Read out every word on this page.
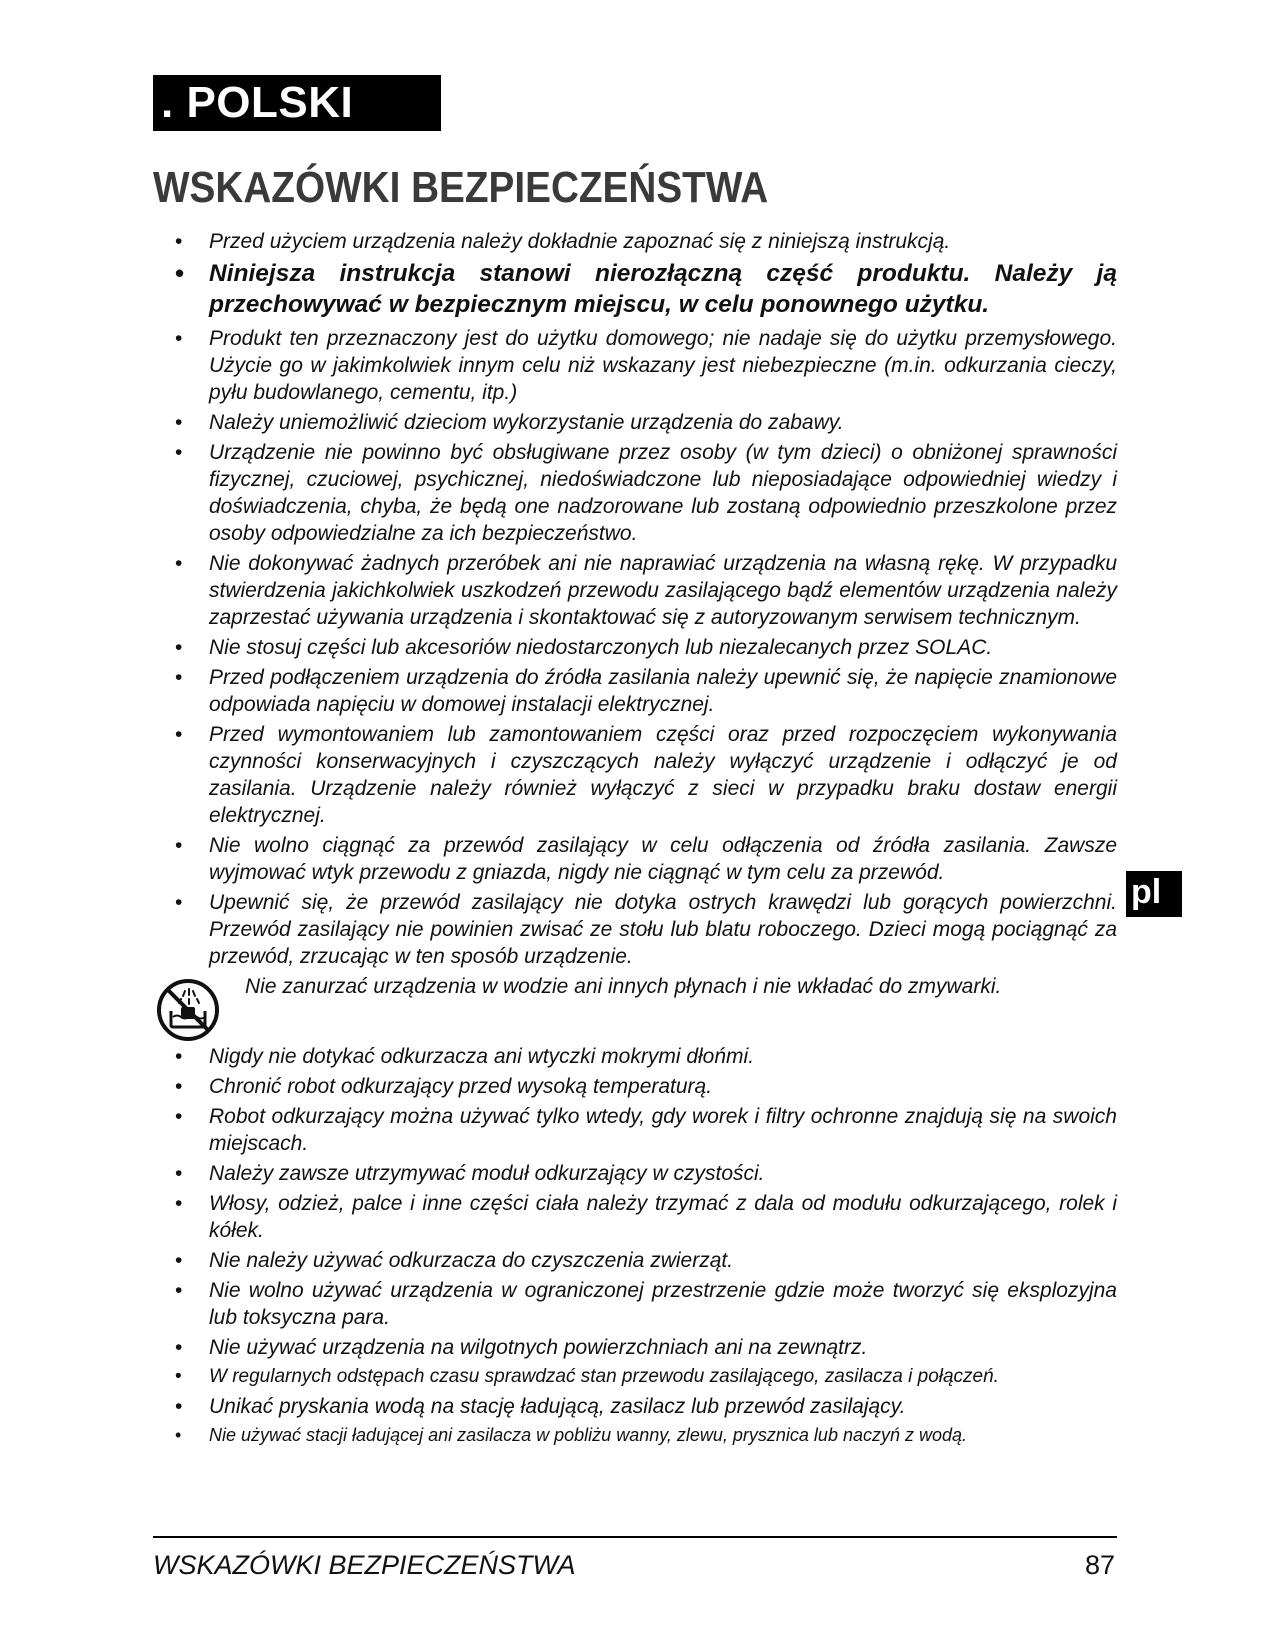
. POLSKI
WSKAZÓWKI BEZPIECZEŃSTWA
• Przed użyciem urządzenia należy dokładnie zapoznać się z niniejszą instrukcją.
• Niniejsza instrukcja stanowi nierozłączną część produktu. Należy ją przechowywać w bezpiecznym miejscu, w celu ponownego użytku.
• Produkt ten przeznaczony jest do użytku domowego; nie nadaje się do użytku przemysłowego. Użycie go w jakimkolwiek innym celu niż wskazany jest niebezpieczne (m.in. odkurzania cieczy, pyłu budowlanego, cementu, itp.)
• Należy uniemożliwić dzieciom wykorzystanie urządzenia do zabawy.
• Urządzenie nie powinno być obsługiwane przez osoby (w tym dzieci) o obniżonej sprawności fizycznej, czuciowej, psychicznej, niedoświadczone lub nieposiadające odpowiedniej wiedzy i doświadczenia, chyba, że będą one nadzorowane lub zostaną odpowiednio przeszkolone przez osoby odpowiedzialne za ich bezpieczeństwo.
• Nie dokonywać żadnych przeróbek ani nie naprawiać urządzenia na własną rękę. W przypadku stwierdzenia jakichkolwiek uszkodzeń przewodu zasilającego bądź elementów urządzenia należy zaprzestać używania urządzenia i skontaktować się z autoryzowanym serwisem technicznym.
• Nie stosuj części lub akcesoriów niedostarczonych lub niezalecanych przez SOLAC.
• Przed podłączeniem urządzenia do źródła zasilania należy upewnić się, że napięcie znamionowe odpowiada napięciu w domowej instalacji elektrycznej.
• Przed wymontowaniem lub zamontowaniem części oraz przed rozpoczęciem wykonywania czynności konserwacyjnych i czyszczących należy wyłączyć urządzenie i odłączyć je od zasilania. Urządzenie należy również wyłączyć z sieci w przypadku braku dostaw energii elektrycznej.
• Nie wolno ciągnąć za przewód zasilający w celu odłączenia od źródła zasilania. Zawsze wyjmować wtyk przewodu z gniazda, nigdy nie ciągnąć w tym celu za przewód.
• Upewnić się, że przewód zasilający nie dotyka ostrych krawędzi lub gorących powierzchni. Przewód zasilający nie powinien zwisać ze stołu lub blatu roboczego. Dzieci mogą pociągnąć za przewód, zrzucając w ten sposób urządzenie.
Nie zanurzać urządzenia w wodzie ani innych płynach i nie wkładać do zmywarki.
• Nigdy nie dotykać odkurzacza ani wtyczki mokrymi dłońmi.
• Chronić robot odkurzający przed wysoką temperaturą.
• Robot odkurzający można używać tylko wtedy, gdy worek i filtry ochronne znajdują się na swoich miejscach.
• Należy zawsze utrzymywać moduł odkurzający w czystości.
• Włosy, odzież, palce i inne części ciała należy trzymać z dala od modułu odkurzającego, rolek i kółek.
• Nie należy używać odkurzacza do czyszczenia zwierząt.
• Nie wolno używać urządzenia w ograniczonej przestrzenie gdzie może tworzyć się eksplozyjna lub toksyczna para.
• Nie używać urządzenia na wilgotnych powierzchniach ani na zewnątrz.
• W regularnych odstępach czasu sprawdzać stan przewodu zasilającego, zasilacza i połączeń.
• Unikać pryskania wodą na stację ładującą, zasilacz lub przewód zasilający.
• Nie używać stacji ładującej ani zasilacza w pobliżu wanny, zlewu, prysznica lub naczyń z wodą.
pl
WSKAZÓWKI BEZPIECZEŃSTWA	87
